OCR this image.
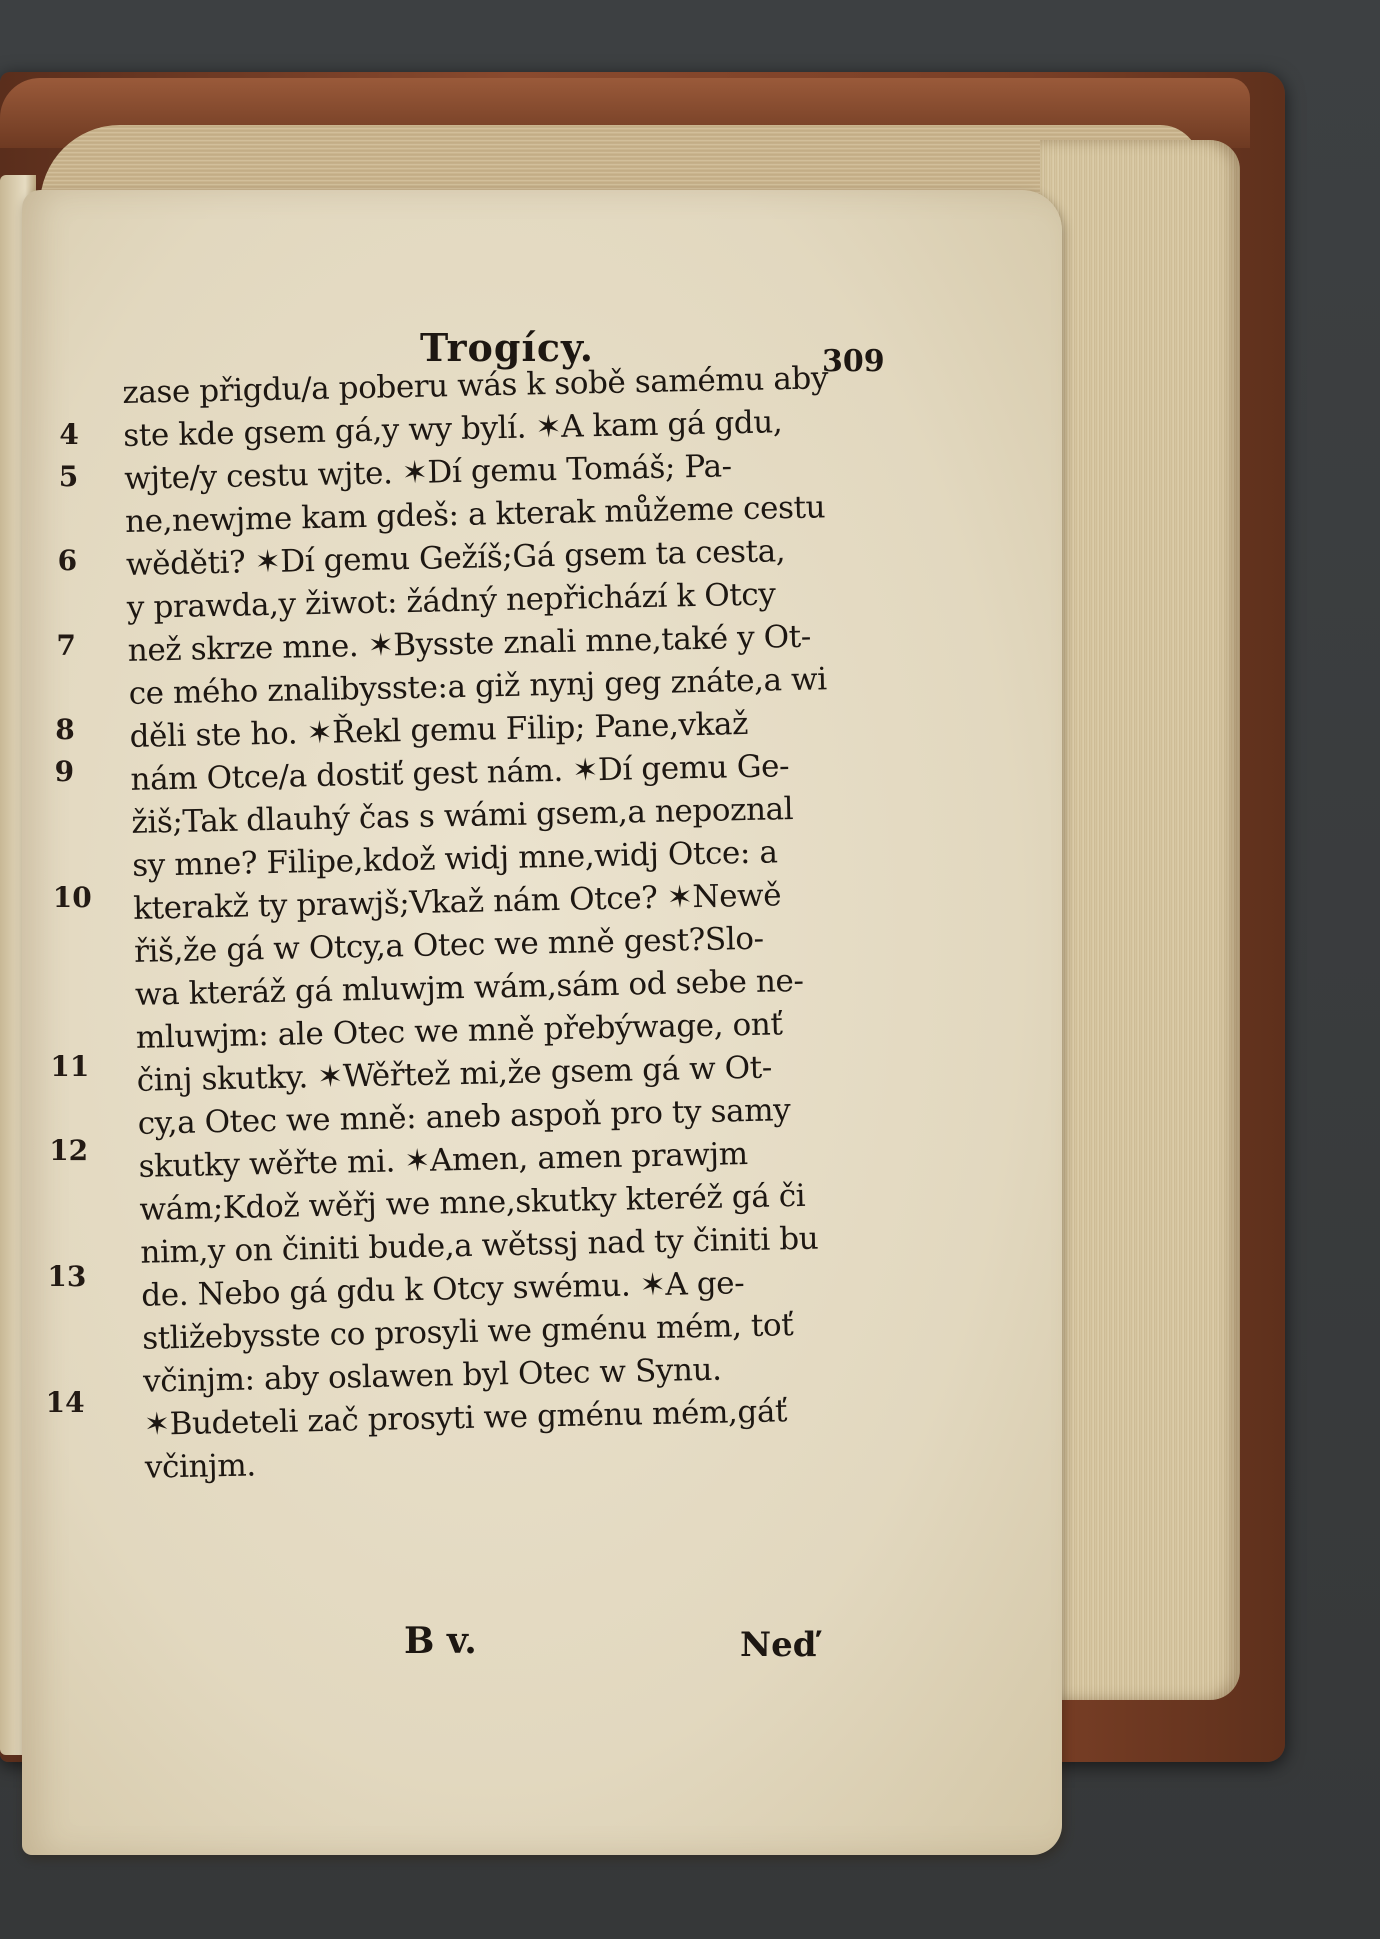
Trogícy.	309
4
5
6
7
8
9
10
11
12
13
14
zase přigdu/a poberu wás k sobě samému aby
ste kde gsem gá,y wy bylí. ✶A kam gá gdu,
wjte/y cestu wjte. ✶Dí gemu Tomáš; Pa-
ne,newjme kam gdeš: a kterak můžeme cestu
wěděti? ✶Dí gemu Gežíš;Gá gsem ta cesta,
y prawda,y žiwot: žádný nepřichází k Otcy
než skrze mne. ✶Bysste znali mne,také y Ot-
ce mého znalibysste:a giž nynj geg znáte,a wi
děli ste ho. ✶Řekl gemu Filip; Pane,vkaž
nám Otce/a dostiť gest nám. ✶Dí gemu Ge-
žiš;Tak dlauhý čas s wámi gsem,a nepoznal
sy mne? Filipe,kdož widj mne,widj Otce: a
kterakž ty prawjš;Vkaž nám Otce? ✶Newě
řiš,že gá w Otcy,a Otec we mně gest?Slo-
wa kteráž gá mluwjm wám,sám od sebe ne-
mluwjm: ale Otec we mně přebýwage, onť
činj skutky. ✶Wěřtež mi,že gsem gá w Ot-
cy,a Otec we mně: aneb aspoň pro ty samy
skutky wěřte mi. ✶Amen, amen prawjm
wám;Kdož wěřj we mne,skutky kteréž gá či
nim,y on činiti bude,a wětssj nad ty činiti bu
de. Nebo gá gdu k Otcy swému. ✶A ge-
stližebysste co prosyli we gménu mém, toť
včinjm: aby oslawen byl Otec w Synu.
✶Budeteli zač prosyti we gménu mém,gáť
včinjm.
B v.	Neď
